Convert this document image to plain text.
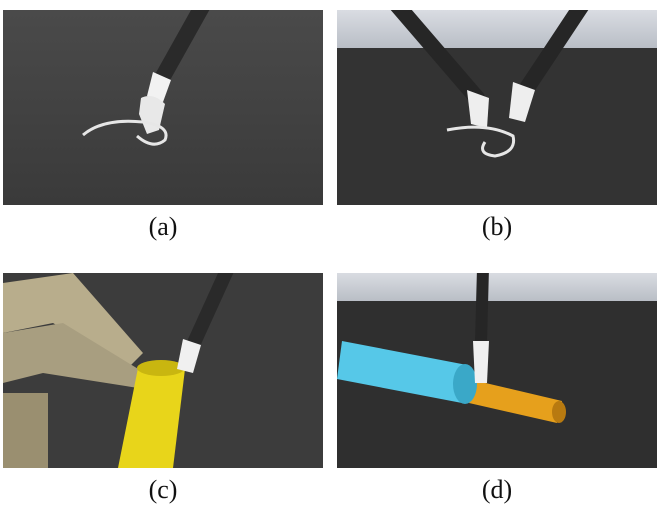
(a)	(b)
(c)	(d)
